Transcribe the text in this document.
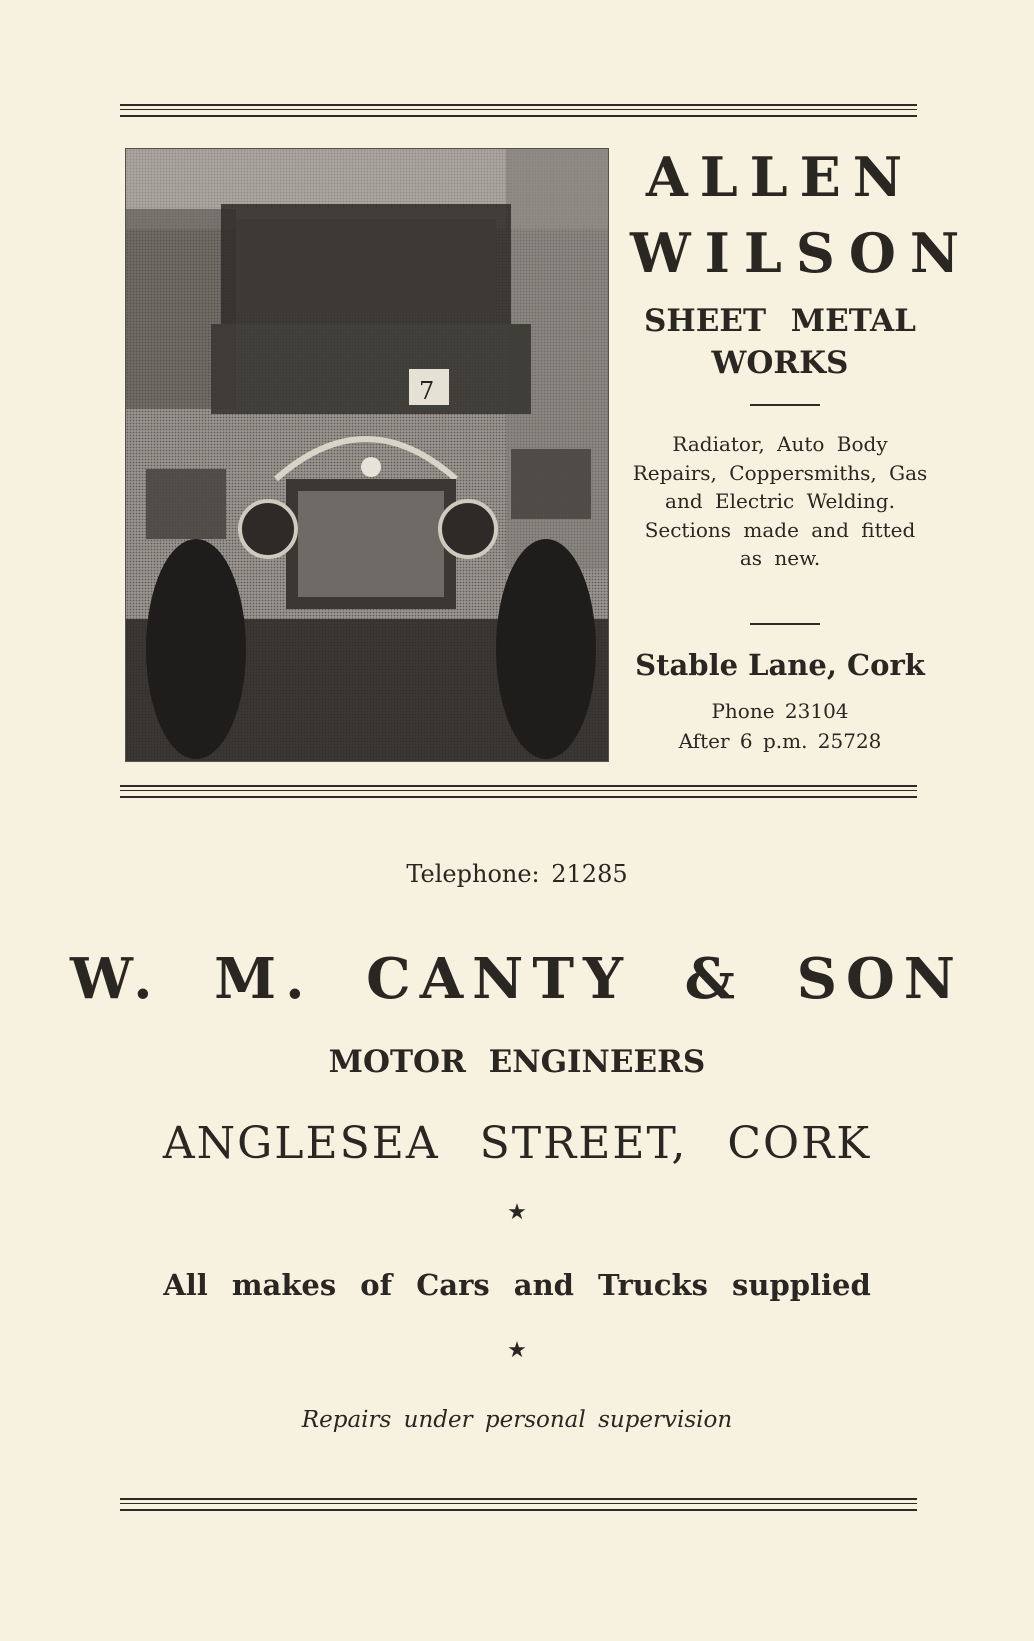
7
ALLEN
WILSON
SHEET METAL WORKS
Radiator, Auto Body Repairs, Coppersmiths, Gas and Electric Welding. Sections made and fitted as new.
Stable Lane, Cork
Phone 23104
After 6 p.m. 25728
Telephone: 21285
W. M. CANTY & SON
MOTOR ENGINEERS
ANGLESEA STREET, CORK
★
All makes of Cars and Trucks supplied
★
Repairs under personal supervision
